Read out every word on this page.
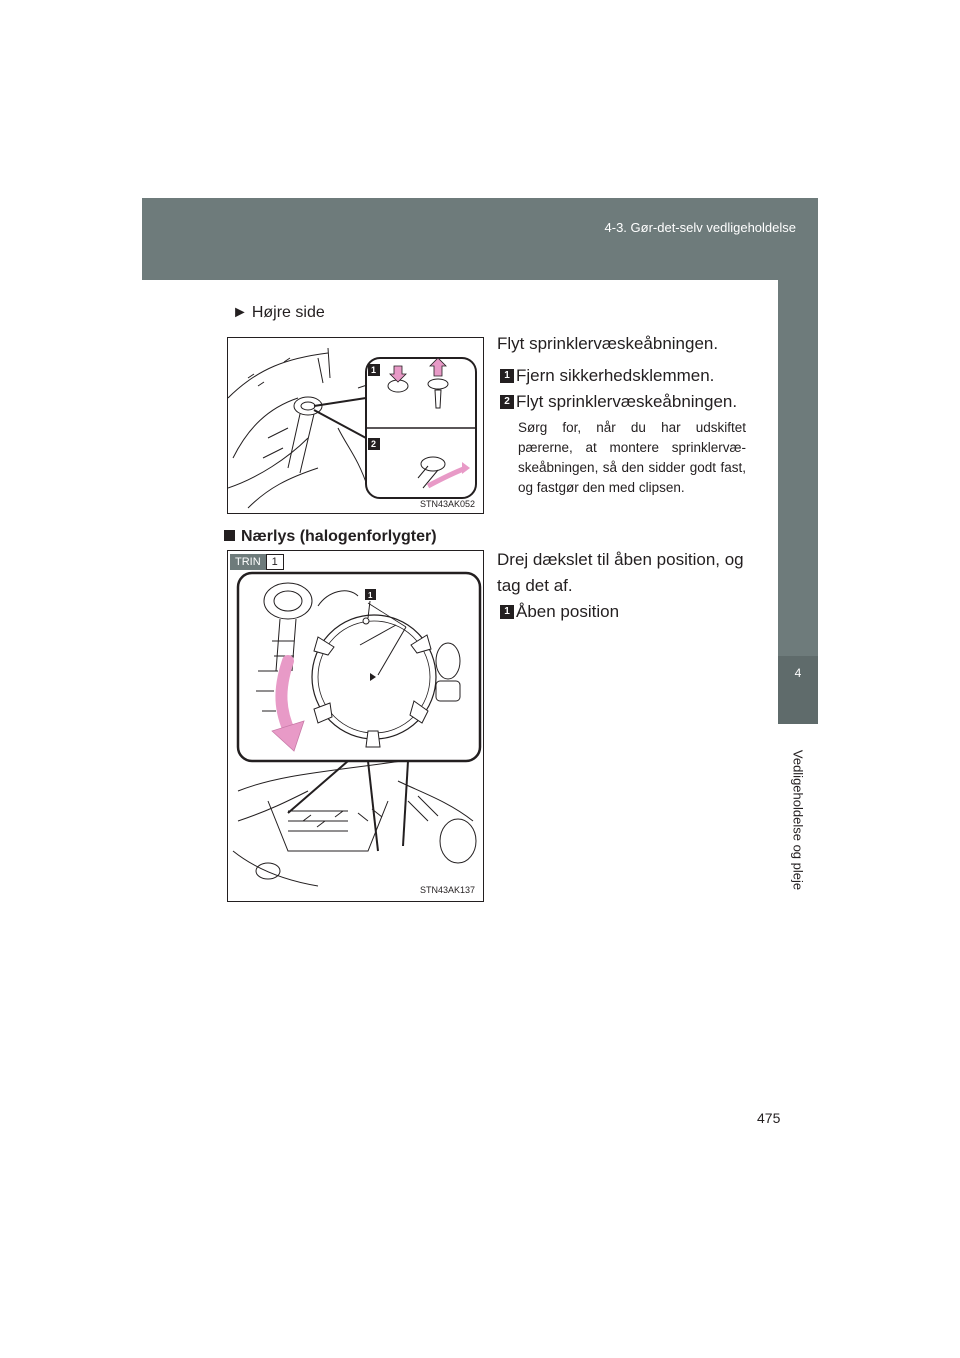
4-3. Gør-det-selv vedligeholdelse
4
Vedligeholdelse og pleje
► Højre side
1
2
STN43AK052
Flyt sprinklervæskeåbningen.
1 Fjern sikkerhedsklemmen.
2 Flyt sprinklervæskeåbningen.
Sørg for, når du har udskiftet pærerne, at montere sprinklervæ-skeåbningen, så den sidder godt fast, og fastgør den med clipsen.
Nærlys (halogenforlygter)
1
STN43AK137
TRIN	1	Drej dækslet til åben position, og tag det af.
1 Åben position
475
